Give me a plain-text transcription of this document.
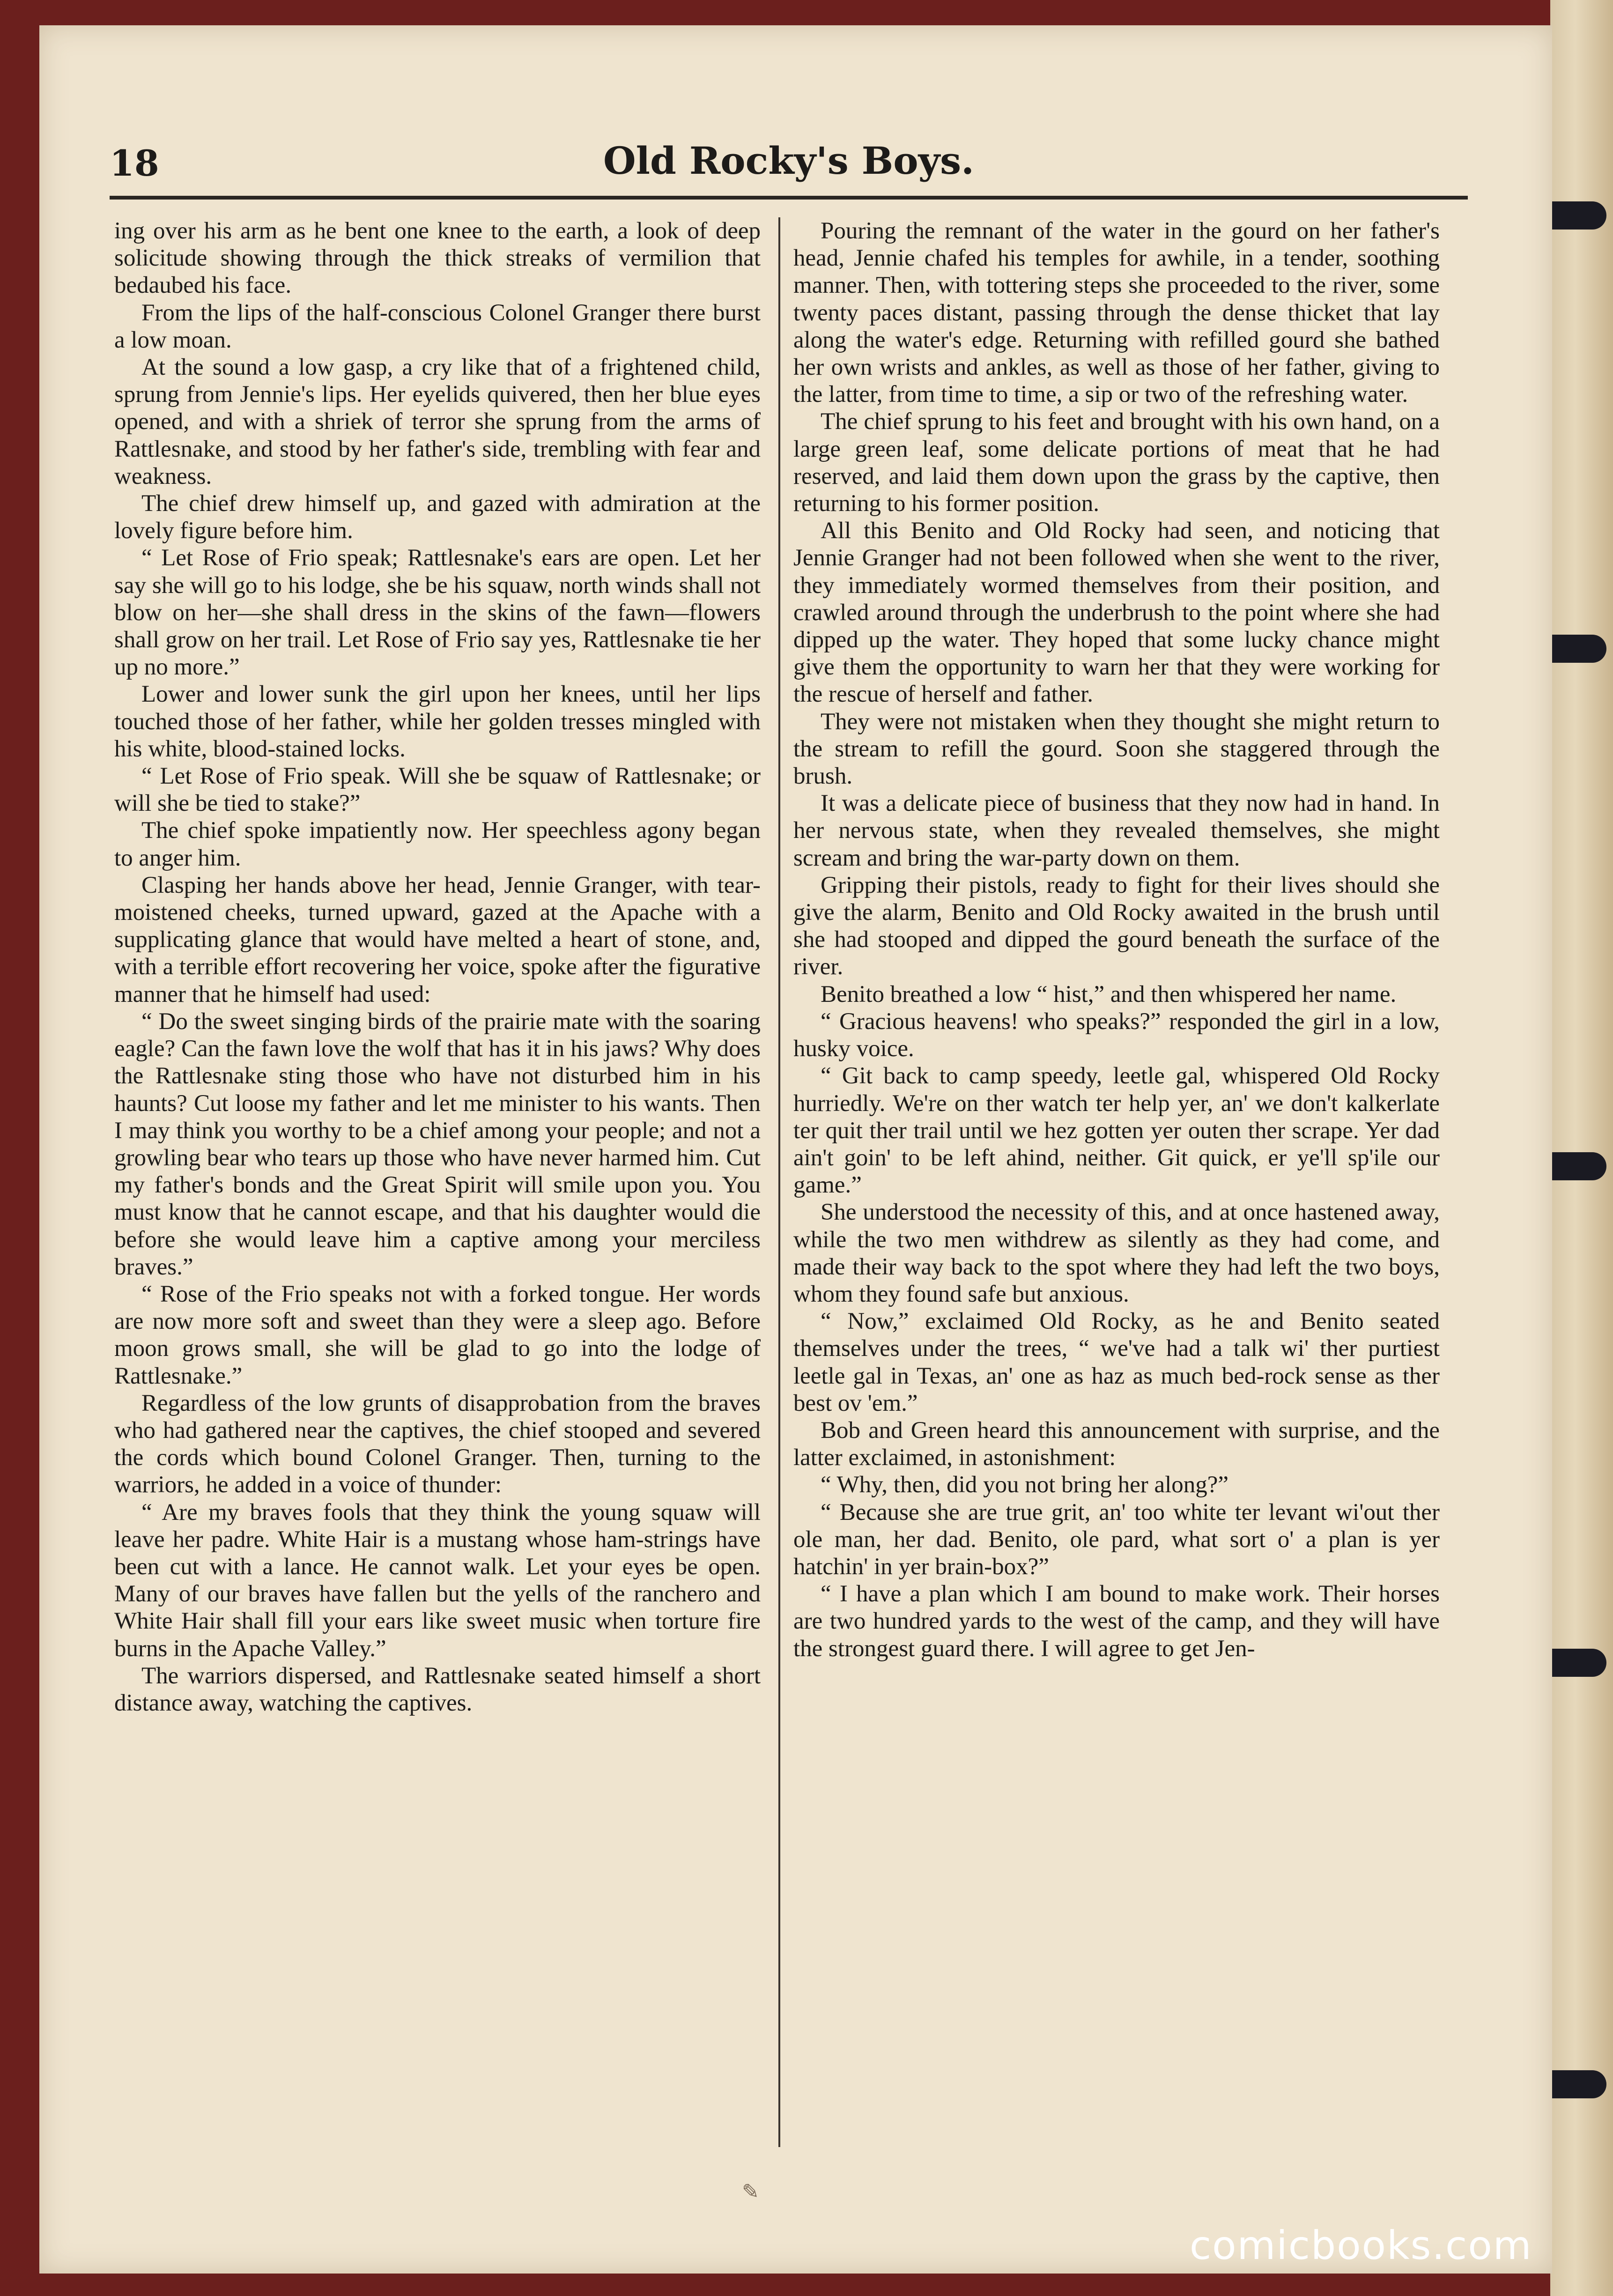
18	Old Rocky's Boys.

ing over his arm as he bent one knee to the earth, a look of deep solicitude showing through the thick streaks of vermilion that bedaubed his face.

From the lips of the half-conscious Colonel Granger there burst a low moan.

At the sound a low gasp, a cry like that of a frightened child, sprung from Jennie's lips. Her eyelids quivered, then her blue eyes opened, and with a shriek of terror she sprung from the arms of Rattlesnake, and stood by her father's side, trembling with fear and weakness.

The chief drew himself up, and gazed with admiration at the lovely figure before him.

“ Let Rose of Frio speak; Rattlesnake's ears are open. Let her say she will go to his lodge, she be his squaw, north winds shall not blow on her—she shall dress in the skins of the fawn—flowers shall grow on her trail. Let Rose of Frio say yes, Rattlesnake tie her up no more.”

Lower and lower sunk the girl upon her knees, until her lips touched those of her father, while her golden tresses mingled with his white, blood-stained locks.

“ Let Rose of Frio speak. Will she be squaw of Rattlesnake; or will she be tied to stake?”

The chief spoke impatiently now. Her speechless agony began to anger him.

Clasping her hands above her head, Jennie Granger, with tear-moistened cheeks, turned upward, gazed at the Apache with a supplicating glance that would have melted a heart of stone, and, with a terrible effort recovering her voice, spoke after the figurative manner that he himself had used:

“ Do the sweet singing birds of the prairie mate with the soaring eagle? Can the fawn love the wolf that has it in his jaws? Why does the Rattlesnake sting those who have not disturbed him in his haunts? Cut loose my father and let me minister to his wants. Then I may think you worthy to be a chief among your people; and not a growling bear who tears up those who have never harmed him. Cut my father's bonds and the Great Spirit will smile upon you. You must know that he cannot escape, and that his daughter would die before she would leave him a captive among your merciless braves.”

“ Rose of the Frio speaks not with a forked tongue. Her words are now more soft and sweet than they were a sleep ago. Before moon grows small, she will be glad to go into the lodge of Rattlesnake.”

Regardless of the low grunts of disapprobation from the braves who had gathered near the captives, the chief stooped and severed the cords which bound Colonel Granger. Then, turning to the warriors, he added in a voice of thunder:

“ Are my braves fools that they think the young squaw will leave her padre. White Hair is a mustang whose ham-strings have been cut with a lance. He cannot walk. Let your eyes be open. Many of our braves have fallen but the yells of the ranchero and White Hair shall fill your ears like sweet music when torture fire burns in the Apache Valley.”

The warriors dispersed, and Rattlesnake seated himself a short distance away, watching the captives.

Pouring the remnant of the water in the gourd on her father's head, Jennie chafed his temples for awhile, in a tender, soothing manner. Then, with tottering steps she proceeded to the river, some twenty paces distant, passing through the dense thicket that lay along the water's edge. Returning with refilled gourd she bathed her own wrists and ankles, as well as those of her father, giving to the latter, from time to time, a sip or two of the refreshing water.

The chief sprung to his feet and brought with his own hand, on a large green leaf, some delicate portions of meat that he had reserved, and laid them down upon the grass by the captive, then returning to his former position.

All this Benito and Old Rocky had seen, and noticing that Jennie Granger had not been followed when she went to the river, they immediately wormed themselves from their position, and crawled around through the underbrush to the point where she had dipped up the water. They hoped that some lucky chance might give them the opportunity to warn her that they were working for the rescue of herself and father.

They were not mistaken when they thought she might return to the stream to refill the gourd. Soon she staggered through the brush.

It was a delicate piece of business that they now had in hand. In her nervous state, when they revealed themselves, she might scream and bring the war-party down on them.

Gripping their pistols, ready to fight for their lives should she give the alarm, Benito and Old Rocky awaited in the brush until she had stooped and dipped the gourd beneath the surface of the river.

Benito breathed a low “ hist,” and then whispered her name.

“ Gracious heavens! who speaks?” responded the girl in a low, husky voice.

“ Git back to camp speedy, leetle gal, whispered Old Rocky hurriedly. We're on ther watch ter help yer, an' we don't kalkerlate ter quit ther trail until we hez gotten yer outen ther scrape. Yer dad ain't goin' to be left ahind, neither. Git quick, er ye'll sp'ile our game.”

She understood the necessity of this, and at once hastened away, while the two men withdrew as silently as they had come, and made their way back to the spot where they had left the two boys, whom they found safe but anxious.

“ Now,” exclaimed Old Rocky, as he and Benito seated themselves under the trees, “ we've had a talk wi' ther purtiest leetle gal in Texas, an' one as haz as much bed-rock sense as ther best ov 'em.”

Bob and Green heard this announcement with surprise, and the latter exclaimed, in astonishment:

“ Why, then, did you not bring her along?”

“ Because she are true grit, an' too white ter levant wi'out ther ole man, her dad. Benito, ole pard, what sort o' a plan is yer hatchin' in yer brain-box?”

“ I have a plan which I am bound to make work. Their horses are two hundred yards to the west of the camp, and they will have the strongest guard there. I will agree to get Jen-

✎
comicbooks.com
